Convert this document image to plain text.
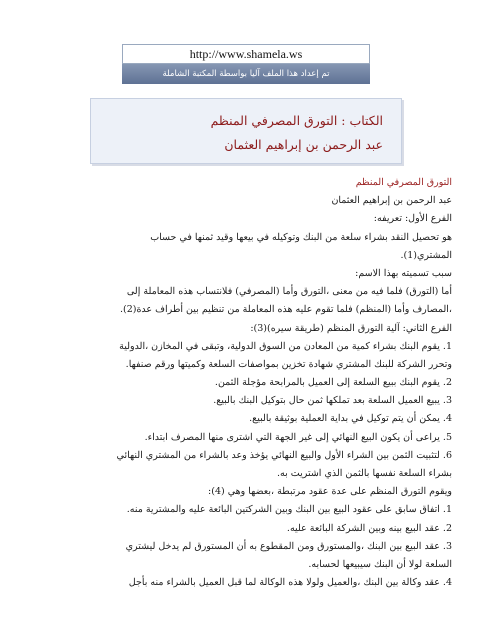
http://www.shamela.ws
تم إعداد هذا الملف آليا بواسطة المكتبة الشاملة
الكتاب : التورق المصرفي المنظم
عبد الرحمن بن إبراهيم العثمان

التورق المصرفي المنظم

عبد الرحمن بن إبراهيم العثمان

الفرع الأول: تعريفه:

هو تحصيل النقد بشراء سلعة من البنك وتوكيله في بيعها وقيد ثمنها في حساب

المشتري(1).

سبب تسميته بهذا الاسم:

أما (التورق) فلما فيه من معنى ،التورق وأما (المصرفي) فلانتساب هذه المعاملة إلى

،المصارف وأما (المنظم) فلما تقوم عليه هذه المعاملة من تنظيم بين أطراف عدة(2).

الفرع الثاني: آلية التورق المنظم (طريقة سيره)(3):

1. يقوم البنك بشراء كمية من المعادن من السوق الدولية، وتبقى في المخازن ،الدولية

وتحرر الشركة للبنك المشتري شهادة تخزين بمواصفات السلعة وكميتها ورقم صنفها.

2. يقوم البنك ببيع السلعة إلى العميل بالمرابحة مؤجلة الثمن.

3. يبيع العميل السلعة بعد تملكها ثمن حال بتوكيل البنك بالبيع.

4. يمكن أن يتم توكيل في بداية العملية بوثيقة بالبيع.

5. يراعى أن يكون البيع النهائي إلى غير الجهة التي اشترى منها المصرف ابتداء.

6. لتثبيت الثمن بين الشراء الأول والبيع النهائي يؤخذ وعد بالشراء من المشتري النهائي

بشراء السلعة نفسها بالثمن الذي اشتريت به.

ويقوم التورق المنظم على عدة عقود مرتبطة ،بعضها وهي (4):

1. اتفاق سابق على عقود البيع بين البنك وبين الشركتين البائعة عليه والمشترية منه.

2. عقد البيع بينه وبين الشركة البائعة عليه.

3. عقد البيع بين البنك ،والمستورق ومن المقطوع به أن المستورق لم يدخل ليشتري

السلعة لولا أن البنك سيبيعها لحسابه.

4. عقد وكالة بين البنك ،والعميل ولولا هذه الوكالة لما قبل العميل بالشراء منه بأجل
